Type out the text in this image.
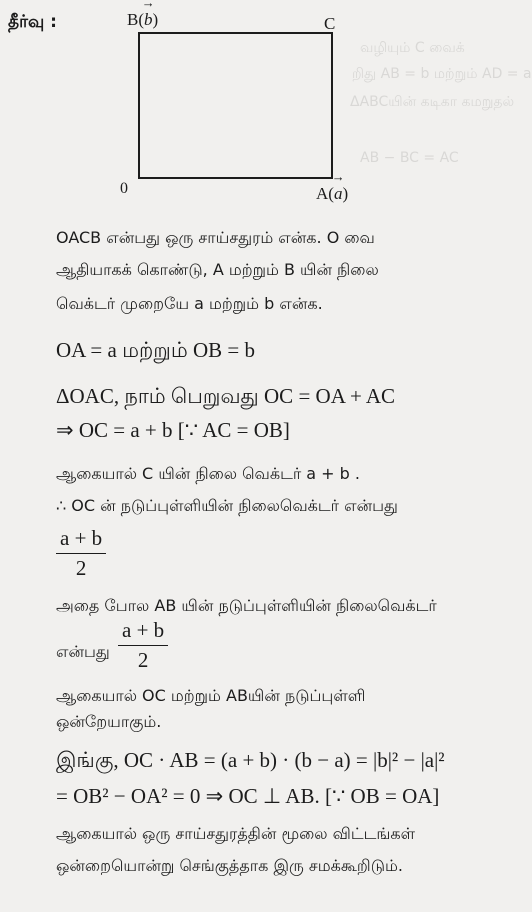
வழியும் C வைக்
றிது AB = b மற்றும் AD = a
ΔABCயின் கடிகா கமறுதல்
AB − BC = AC
தீர்வு :	B(→ b)	C
0	A(→ a)
OACB என்பது ஒரு சாய்சதுரம் என்க. O வை
ஆதியாகக் கொண்டு, A மற்றும் B யின் நிலை
வெக்டர் முறையே a மற்றும் b என்க.
OA = a மற்றும் OB = b
ΔOAC, நாம் பெறுவது OC = OA + AC
⇒ OC = a + b [∵ AC = OB]
ஆகையால் C யின் நிலை வெக்டர் a + b .
∴ OC ன் நடுப்புள்ளியின் நிலைவெக்டர் என்பது
$\frac{a + b}{2}$
அதை போல AB யின் நடுப்புள்ளியின் நிலைவெக்டர்
என்பது $\frac{a + b}{2}$
ஆகையால் OC மற்றும் ABயின் நடுப்புள்ளி
ஒன்றேயாகும்.
இங்கு, OC · AB = (a + b) · (b − a) = |b|² − |a|²
= OB² − OA² = 0 ⇒ OC ⊥ AB. [∵ OB = OA]
ஆகையால் ஒரு சாய்சதுரத்தின் மூலை விட்டங்கள்
ஒன்றையொன்று செங்குத்தாக இரு சமக்கூறிடும்.
